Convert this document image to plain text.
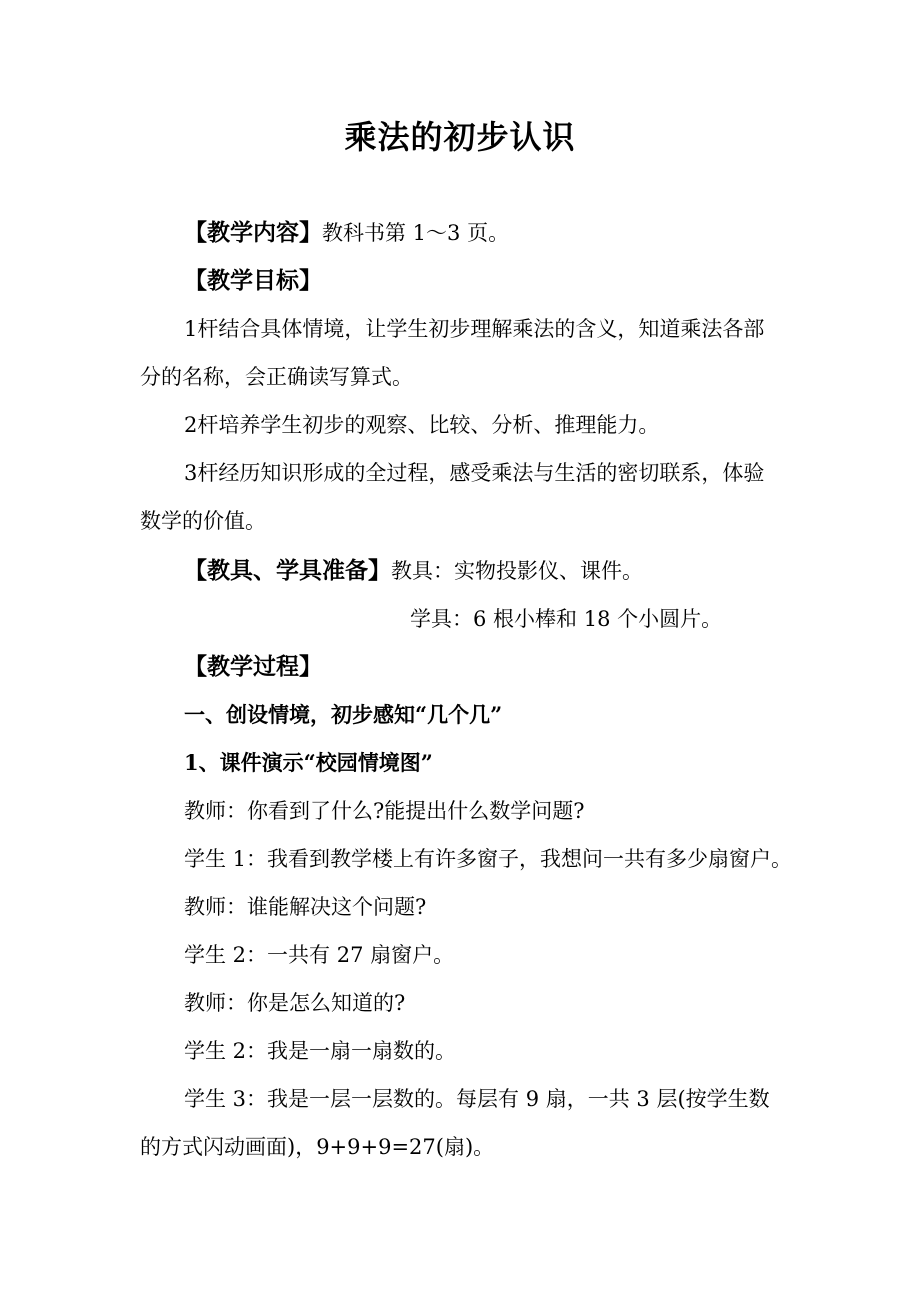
乘法的初步认识
【教学内容】教科书第 1～3 页。
【教学目标】
1杆结合具体情境，让学生初步理解乘法的含义，知道乘法各部
分的名称，会正确读写算式。
2杆培养学生初步的观察、比较、分析、推理能力。
3杆经历知识形成的全过程，感受乘法与生活的密切联系，体验
数学的价值。
【教具、学具准备】教具：实物投影仪、课件。
学具：6 根小棒和 18 个小圆片。
【教学过程】
一、创设情境，初步感知“几个几”
1、课件演示“校园情境图”
教师：你看到了什么?能提出什么数学问题?
学生 1：我看到教学楼上有许多窗子，我想问一共有多少扇窗户。
教师：谁能解决这个问题?
学生 2：一共有 27 扇窗户。
教师：你是怎么知道的?
学生 2：我是一扇一扇数的。
学生 3：我是一层一层数的。每层有 9 扇，一共 3 层(按学生数
的方式闪动画面)，9+9+9=27(扇)。
